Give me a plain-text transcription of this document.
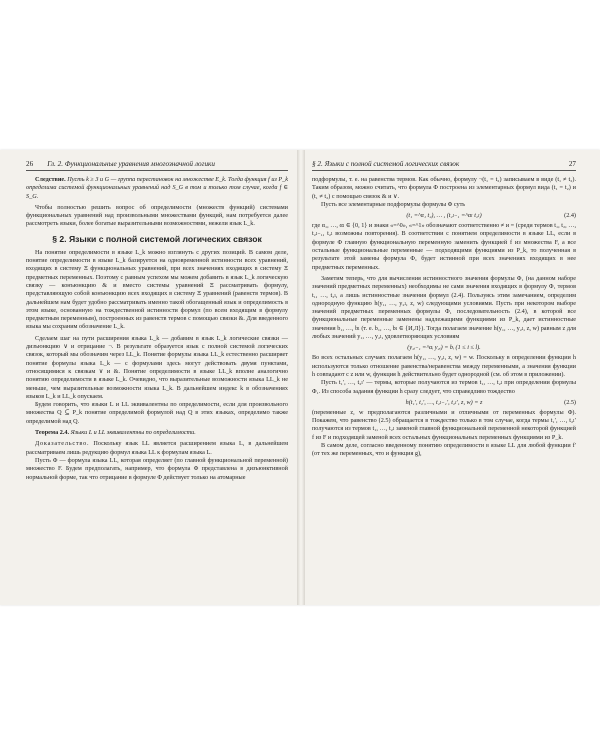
26 Гл. 2. Функциональные уравнения многозначной логики

Следствие. Пусть k ≥ 3 и G — группа перестановок на множестве E_k. Тогда функция f из P_k определима системой функциональных уравнений над S_G в том и только том случае, когда f ∈ S_G.

Чтобы полностью решить вопрос об определимости (множеств функций) системами функциональных уравнений над произвольными множествами функций, нам потребуется далее рассмотреть языки, более богатые выразительными возможностями, нежели язык L_k.

§ 2. Языки с полной системой логических связок

На понятие определимости в языке L_k можно взглянуть с других позиций. В самом деле, понятие определимости в языке L_k базируется на одновременной истинности всех уравнений, входящих в систему Ξ функциональных уравнений, при всех значениях входящих в систему Ξ предметных переменных. Поэтому с равным успехом мы можем добавить в язык L_k логическую связку — конъюнкцию & и вместо системы уравнений Ξ рассматривать формулу, представляющую собой конъюнкцию всех входящих в систему Ξ уравнений (равенств термов). В дальнейшем нам будет удобно рассматривать именно такой обогащенный язык и определимость в этом языке, основанную на тождественной истинности формул (по всем входящим в формулу предметным переменным), построенных из равенств термов с помощью связки &. Для введенного языка мы сохраним обозначение L_k.

Сделаем шаг на пути расширения языка L_k — добавим в язык L_k логические связки — дизъюнкцию ∨ и отрицание ¬. В результате образуется язык с полной системой логических связок, который мы обозначим через LL_k. Понятие формулы языка LL_k естественно расширяет понятие формулы языка L_k — с формулами здесь могут действовать двумя пунктами, относящимися к связкам ∨ и &. Понятие определимости в языке LL_k вполне аналогично понятию определимости в языке L_k. Очевидно, что выразительные возможности языка LL_k не меньше, чем выразительные возможности языка L_k. В дальнейшем индекс k в обозначениях языков L_k и LL_k опускаем.

Будем говорить, что языки L и LL эквивалентны по определимости, если для произвольного множества Q ⊆ P_k понятие определимой формулой над Q в этих языках, определимо также определимой над Q.

Теорема 2.4. Языки L и LL эквивалентны по определимости.

Доказательство. Поскольку язык LL является расширением языка L, в дальнейшем рассматриваем лишь редукцию формул языка LL к формулам языка L.

Пусть Φ — формула языка LL, которая определяет (по главной функциональной переменной) множество F. Будем предполагать, например, что формула Φ представлена в дизъюнктивной нормальной форме, так что отрицание в формуле Φ действует только на атомарные

27
§ 2. Языки с полной системой логических связок

подформулы, т. е. на равенства термов. Как обычно, формулу ¬(t₁ = t₂) записываем в виде (t₁ ≠ t₂). Таким образом, можно считать, что формула Φ построена из элементарных формул вида (t₁ = t₂) и (t₁ ≠ t₂) с помощью связок & и ∨.

Пусть все элементарные подформулы формулы Φ суть

(t₁ =^α₁ t₂), … , (t₂ₗ₋₁ =^αₗ t₂ₗ)	(2.4)

где α₁, …, αₗ ∈ {0, 1} и знаки «=^0», «=^1» обозначают соответственно ≠ и = (среди термов t₁, t₂, …, t₂ₗ₋₁, t₂ₗ возможны повторения). В соответствии с понятием определимости в языке LL, если в формуле Φ главную функциональную переменную заменить функцией f из множества F, а все остальные функциональные переменные — подходящими функциями из P_k, то полученная в результате этой замены формула Φ₁ будет истинной при всех значениях входящих в нее предметных переменных.

Заметим теперь, что для вычисления истинностного значения формулы Φ₁ (на данном наборе значений предметных переменных) необходимы не сами значения входящих в формулу Φ₁ термов t₁, …, t₂ₗ, а лишь истинностные значения формул (2.4). Пользуясь этим замечанием, определим однородную функцию h(y₁, …, y₂ₗ, z, w) следующими условиями. Пусть при некотором выборе значений предметных переменных формулы Φ₁ последовательность (2.4), в которой все функциональные переменные заменены надлежащими функциями из P_k, дает истинностные значения b₁, …, bₗ (т. е. b₁, …, bₗ ∈ {И,Л}). Тогда полагаем значение h(y₁, …, y₂ₗ, z, w) равным z для любых значений y₁, …, y₂ₗ, удовлетворяющих условиям

(y₂ᵢ₋₁ =^αᵢ y₂ᵢ) = bᵢ (1 ≤ i ≤ l).

Во всех остальных случаях полагаем h(y₁, …, y₂ₗ, z, w) = w. Поскольку в определении функции h используются только отношение равенства/неравенства между переменными, а значения функции h совпадают с z или w, функция h действительно будет однородной (см. об этом в приложении).

Пусть t₁′, …, t₂ₗ′ — термы, которые получаются из термов t₁, …, t₂ₗ при определении формулы Φ₁. Из способа задания функции h сразу следует, что справедливо тождество

h(t₁′, t₂′, …, t₂ₗ₋₁′, t₂ₗ′, z, w) = z	(2.5)

(переменные z, w предполагаются различными и отличными от переменных формулы Φ). Покажем, что равенство (2.5) обращается в тождество только в том случае, когда термы t₁′, …, t₂ₗ′ получаются из термов t₁, …, t₂ₗ заменой главной функциональной переменной некоторой функцией f из F и подходящей заменой всех остальных функциональных переменных функциями из P_k.

В самом деле, согласно введенному понятию определимости в языке LL для любой функции f′ (от тех же переменных, что и функция g),
